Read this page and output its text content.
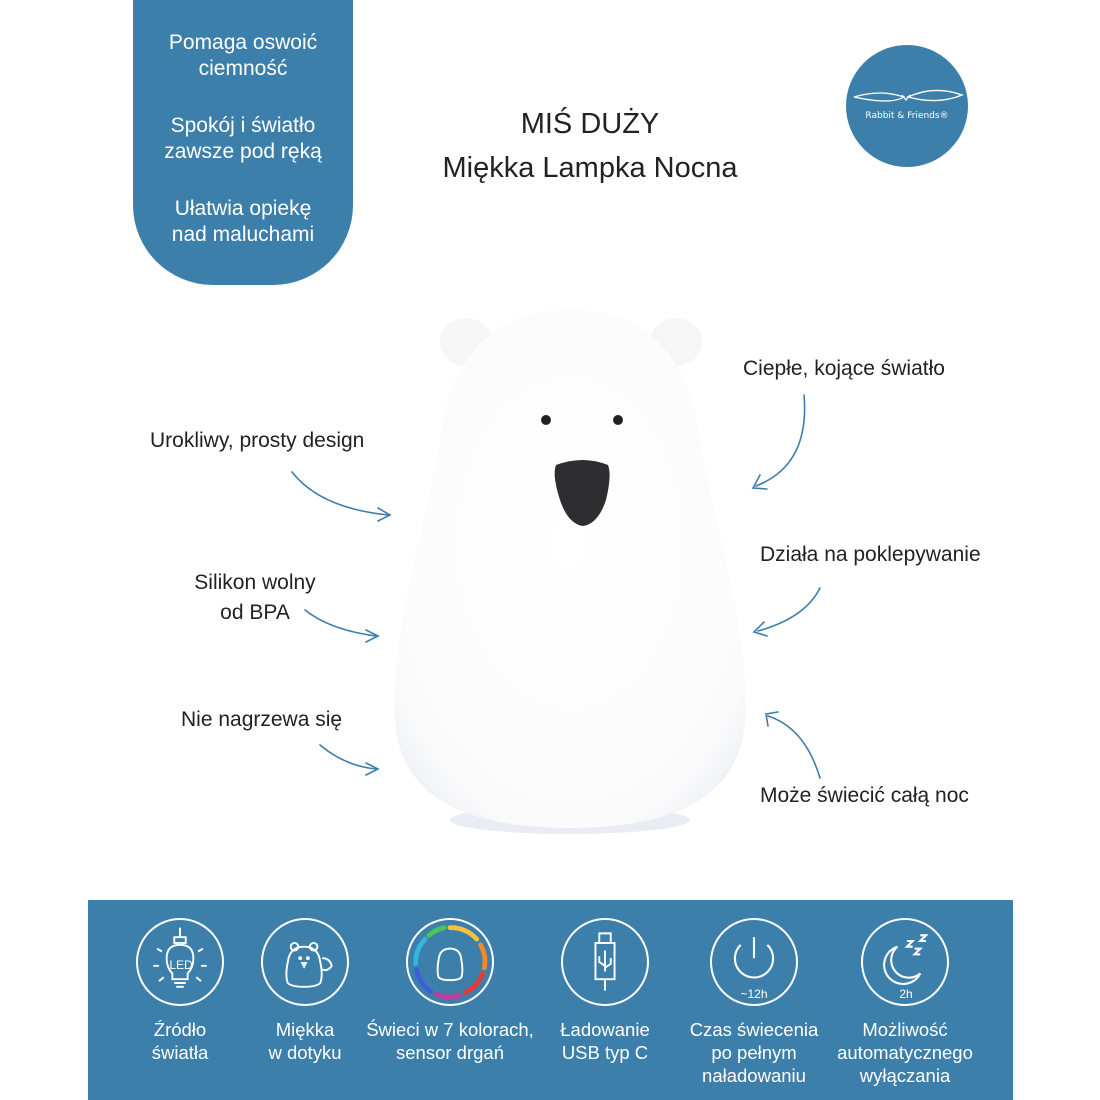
Pomaga oswoić
ciemność
Spokój i światło
zawsze pod ręką
Ułatwia opiekę
nad maluchami
Rabbit & Friends®
MIŚ DUŻY
Miękka Lampka Nocna
Urokliwy, prosty design
Silikon wolny
od BPA
Nie nagrzewa się
Ciepłe, kojące światło
Działa na poklepywanie
Może świecić całą noc
LED
Źródło
światła
Miękka
w dotyku
Świeci w 7 kolorach,
sensor drgań
Ładowanie
USB typ C
~12h
Czas świecenia
po pełnym
naładowaniu
2h
Możliwość
automatycznego
wyłączania
